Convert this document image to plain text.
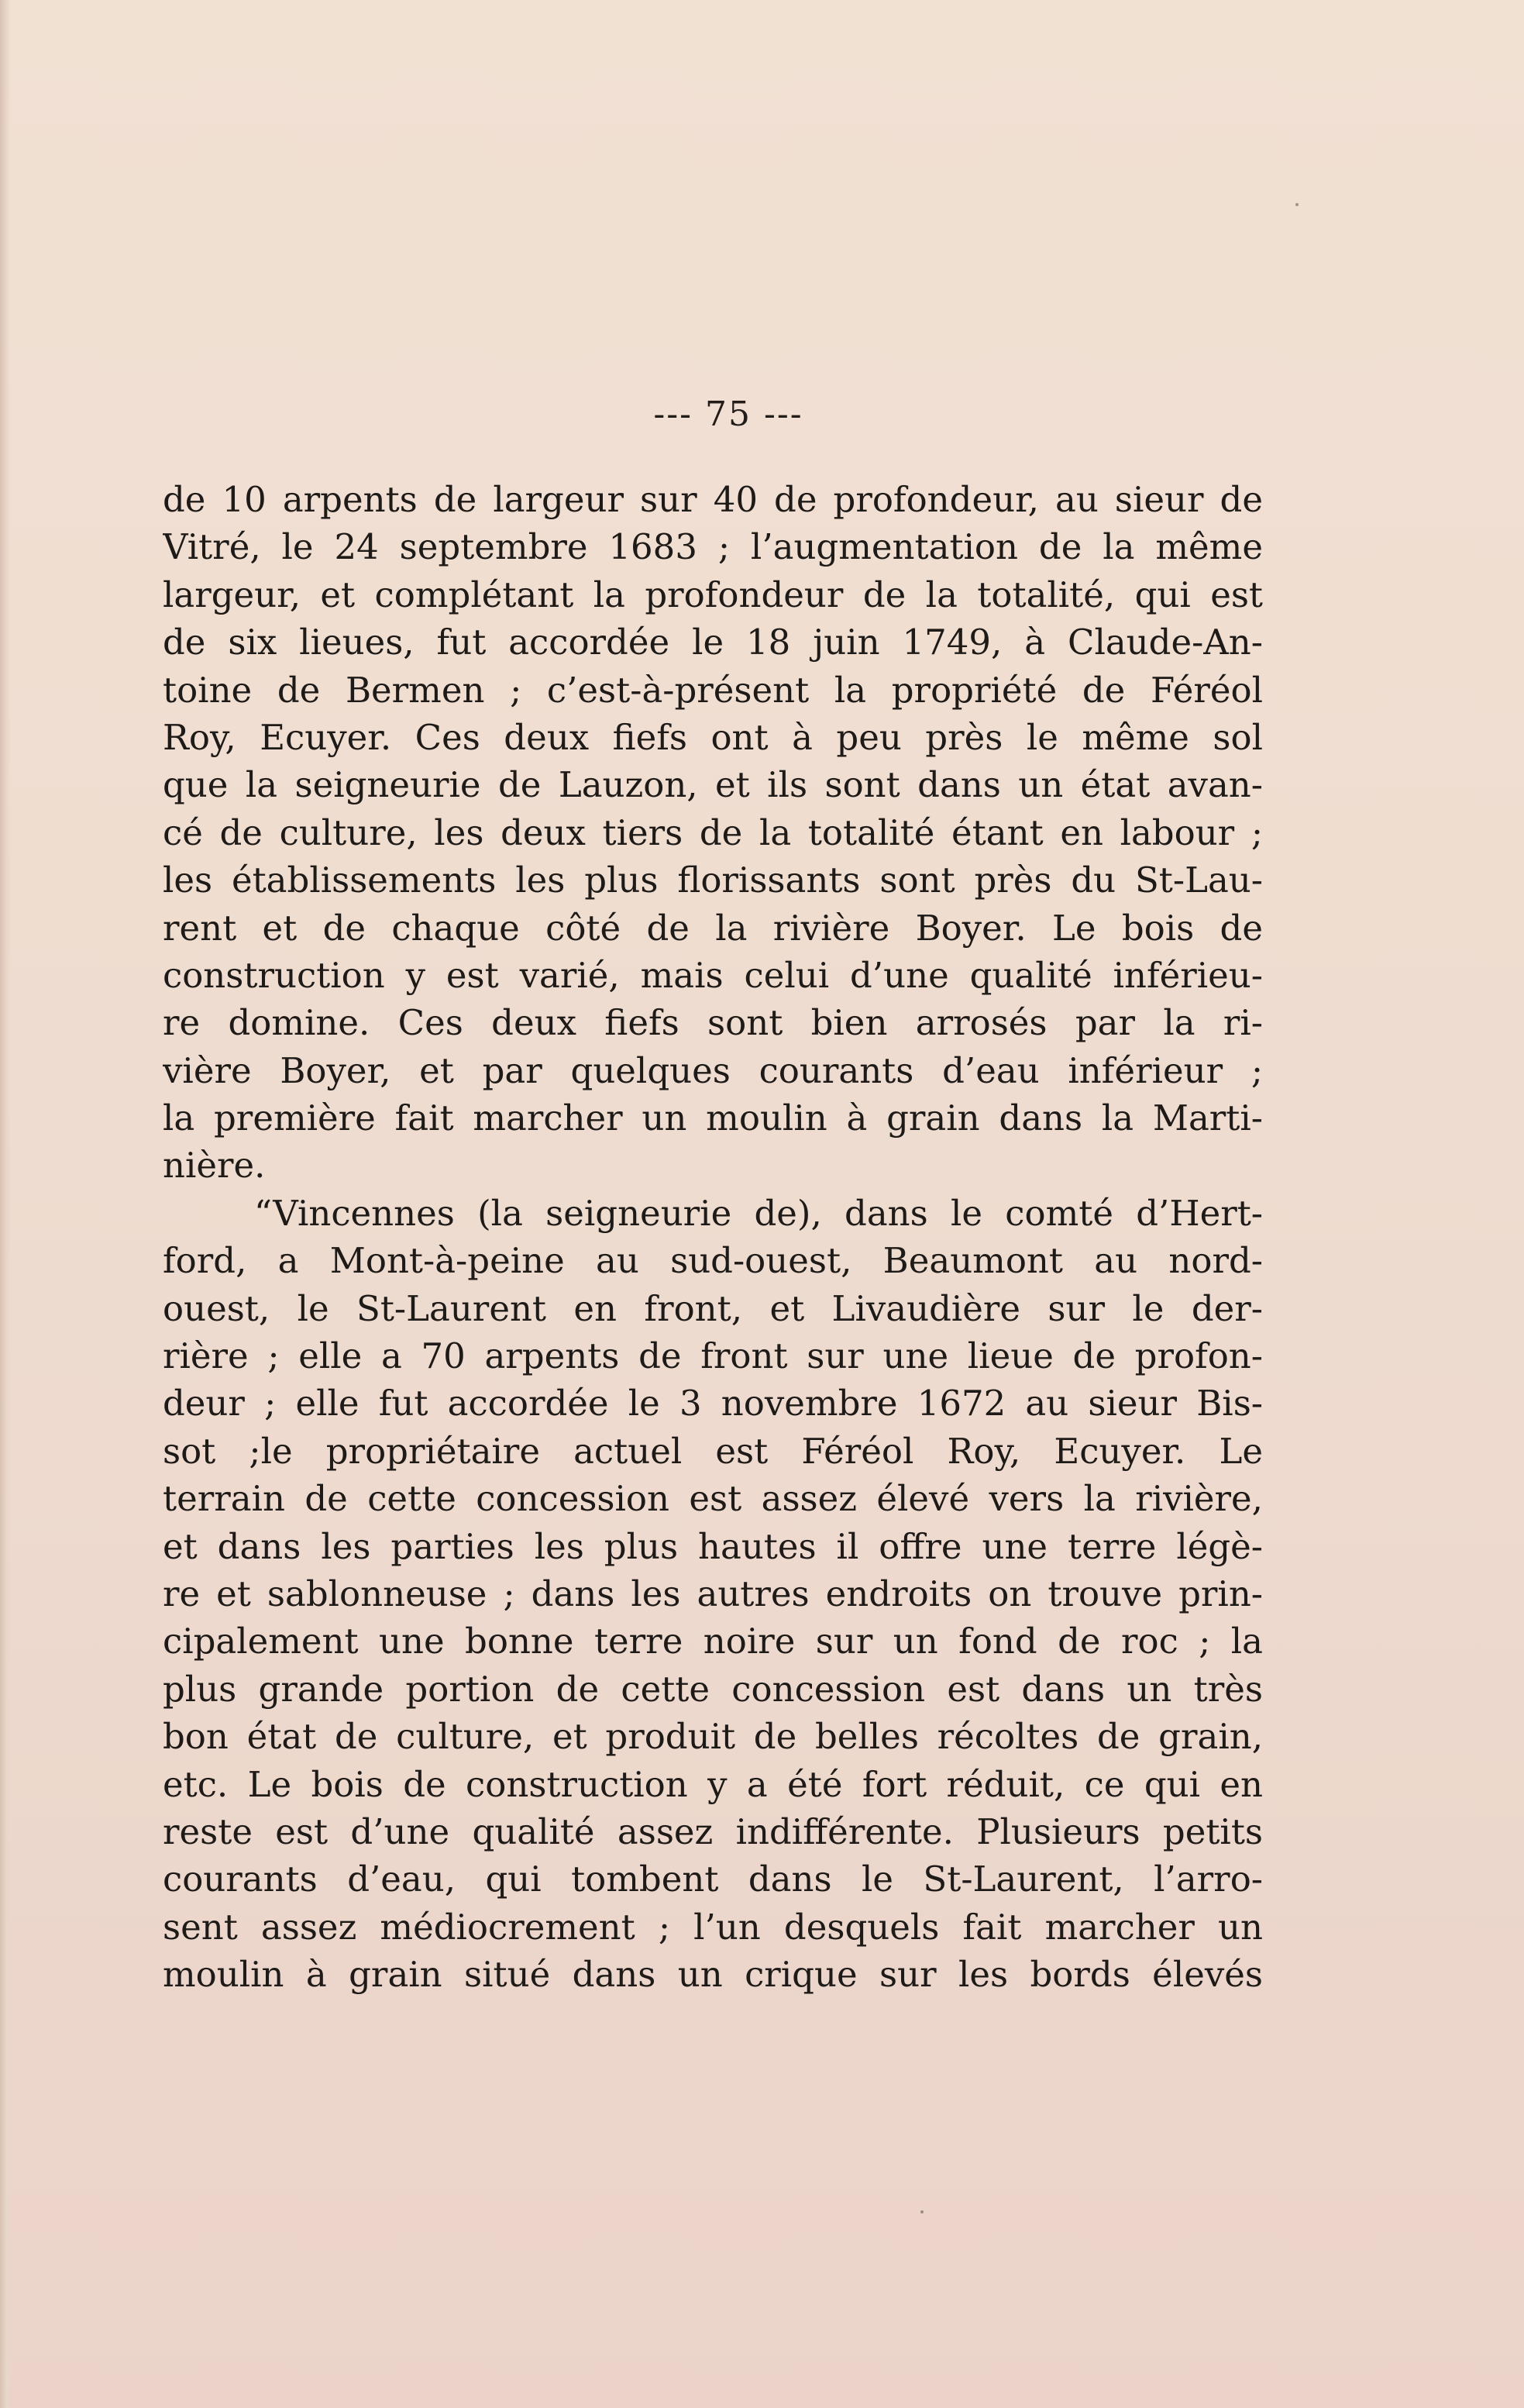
--- 75 ---
de 10 arpents de largeur sur 40 de profondeur, au sieur de
Vitré, le 24 septembre 1683 ; l’augmentation de la même
largeur, et complétant la profondeur de la totalité, qui est
de six lieues, fut accordée le 18 juin 1749, à Claude-An-
toine de Bermen ; c’est-à-présent la propriété de Féréol
Roy, Ecuyer. Ces deux fiefs ont à peu près le même sol
que la seigneurie de Lauzon, et ils sont dans un état avan-
cé de culture, les deux tiers de la totalité étant en labour ;
les établissements les plus florissants sont près du St-Lau-
rent et de chaque côté de la rivière Boyer. Le bois de
construction y est varié, mais celui d’une qualité inférieu-
re domine. Ces deux fiefs sont bien arrosés par la ri-
vière Boyer, et par quelques courants d’eau inférieur ;
la première fait marcher un moulin à grain dans la Marti-
nière.
“Vincennes (la seigneurie de), dans le comté d’Hert-
ford, a Mont-à-peine au sud-ouest, Beaumont au nord-
ouest, le St-Laurent en front, et Livaudière sur le der-
rière ; elle a 70 arpents de front sur une lieue de profon-
deur ; elle fut accordée le 3 novembre 1672 au sieur Bis-
sot ;le propriétaire actuel est Féréol Roy, Ecuyer. Le
terrain de cette concession est assez élevé vers la rivière,
et dans les parties les plus hautes il offre une terre légè-
re et sablonneuse ; dans les autres endroits on trouve prin-
cipalement une bonne terre noire sur un fond de roc ; la
plus grande portion de cette concession est dans un très
bon état de culture, et produit de belles récoltes de grain,
etc. Le bois de construction y a été fort réduit, ce qui en
reste est d’une qualité assez indifférente. Plusieurs petits
courants d’eau, qui tombent dans le St-Laurent, l’arro-
sent assez médiocrement ; l’un desquels fait marcher un
moulin à grain situé dans un crique sur les bords élevés
